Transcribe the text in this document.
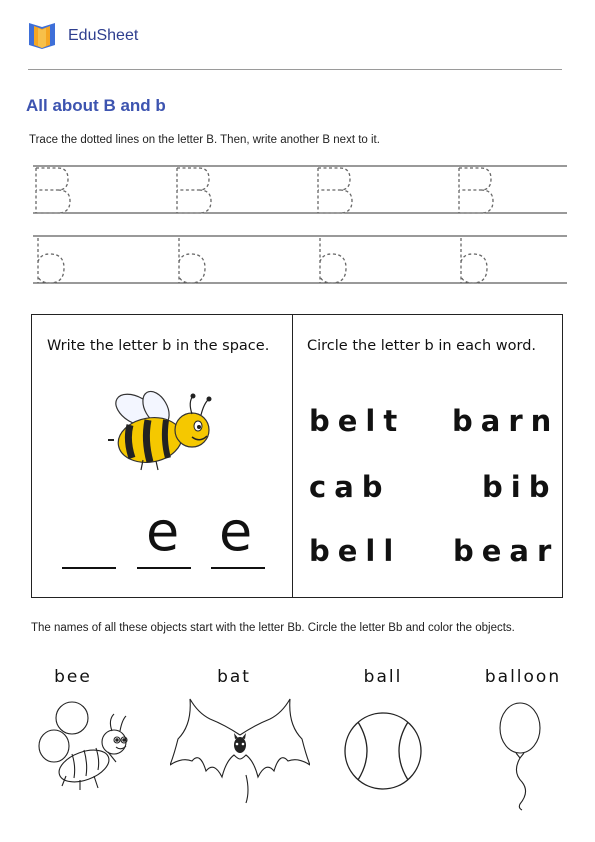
EduSheet
All about B and b
Trace the dotted lines on the letter B. Then, write another B next to it.
Write the letter b in the space.	Circle the letter b in each word.
e e
belt barn
cab	bib
bell bear
The names of all these objects start with the letter Bb. Circle the letter Bb and color the objects.
bee	bat	ball	balloon
